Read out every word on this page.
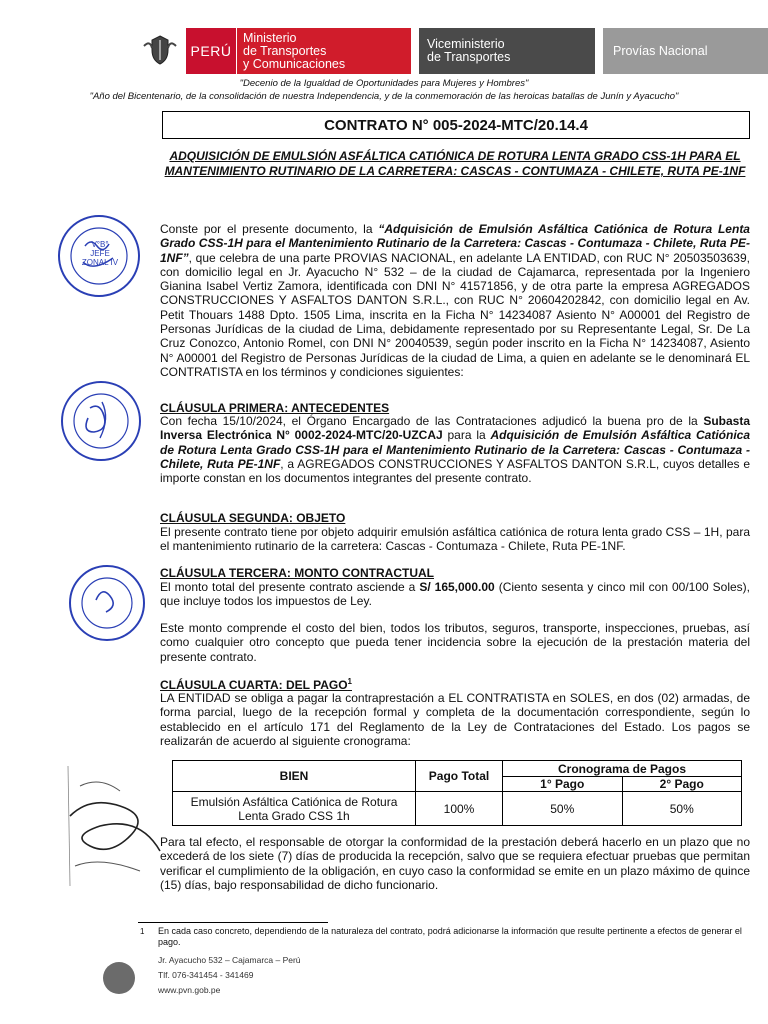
PERÚ
Ministerio
de Transportes
y Comunicaciones
Viceministerio
de Transportes	Provías Nacional
"Decenio de la Igualdad de Oportunidades para Mujeres y Hombres"
"Año del Bicentenario, de la consolidación de nuestra Independencia, y de la conmemoración de las heroicas batallas de Junín y Ayacucho"
CONTRATO N° 005-2024-MTC/20.14.4
ADQUISICIÓN DE EMULSIÓN ASFÁLTICA CATIÓNICA DE ROTURA LENTA GRADO CSS-1H PARA EL MANTENIMIENTO RUTINARIO DE LA CARRETERA: CASCAS - CONTUMAZA - CHILETE, RUTA PE-1NF
V°B°
JEFE
ZONAL IV

Conste por el presente documento, la “Adquisición de Emulsión Asfáltica Catiónica de Rotura Lenta Grado CSS-1H para el Mantenimiento Rutinario de la Carretera: Cascas - Contumaza - Chilete, Ruta PE-1NF”, que celebra de una parte PROVIAS NACIONAL, en adelante LA ENTIDAD, con RUC N° 20503503639, con domicilio legal en Jr. Ayacucho N° 532 – de la ciudad de Cajamarca, representada por la Ingeniero Gianina Isabel Vertiz Zamora, identificada con DNI N° 41571856, y de otra parte la empresa AGREGADOS CONSTRUCCIONES Y ASFALTOS DANTON S.R.L., con RUC N° 20604202842, con domicilio legal en Av. Petit Thouars 1488 Dpto. 1505 Lima, inscrita en la Ficha N° 14234087 Asiento N° A00001 del Registro de Personas Jurídicas de la ciudad de Lima, debidamente representado por su Representante Legal, Sr. De La Cruz Conozco, Antonio Romel, con DNI N° 20040539, según poder inscrito en la Ficha N° 14234087, Asiento N° A00001 del Registro de Personas Jurídicas de la ciudad de Lima, a quien en adelante se le denominará EL CONTRATISTA en los términos y condiciones siguientes:

CLÁUSULA PRIMERA: ANTECEDENTES

Con fecha 15/10/2024, el Órgano Encargado de las Contrataciones adjudicó la buena pro de la Subasta Inversa Electrónica N° 0002-2024-MTC/20-UZCAJ para la Adquisición de Emulsión Asfáltica Catiónica de Rotura Lenta Grado CSS-1H para el Mantenimiento Rutinario de la Carretera: Cascas - Contumaza - Chilete, Ruta PE-1NF, a AGREGADOS CONSTRUCCIONES Y ASFALTOS DANTON S.R.L, cuyos detalles e importe constan en los documentos integrantes del presente contrato.

CLÁUSULA SEGUNDA: OBJETO

El presente contrato tiene por objeto adquirir emulsión asfáltica catiónica de rotura lenta grado CSS – 1H, para el mantenimiento rutinario de la carretera: Cascas - Contumaza - Chilete, Ruta PE-1NF.

CLÁUSULA TERCERA: MONTO CONTRACTUAL

El monto total del presente contrato asciende a S/ 165,000.00 (Ciento sesenta y cinco mil con 00/100 Soles), que incluye todos los impuestos de Ley.

Este monto comprende el costo del bien, todos los tributos, seguros, transporte, inspecciones, pruebas, así como cualquier otro concepto que pueda tener incidencia sobre la ejecución de la prestación materia del presente contrato.

CLÁUSULA CUARTA: DEL PAGO$^1$

LA ENTIDAD se obliga a pagar la contraprestación a EL CONTRATISTA en SOLES, en dos (02) armadas, de forma parcial, luego de la recepción formal y completa de la documentación correspondiente, según lo establecido en el artículo 171 del Reglamento de la Ley de Contrataciones del Estado. Los pagos se realizarán de acuerdo al siguiente cronograma:

BIEN	Pago Total	Cronograma de Pagos	
		1° Pago	2° Pago
Emulsión Asfáltica Catiónica de Rotura Lenta Grado CSS 1h	100%	50%	50%

Para tal efecto, el responsable de otorgar la conformidad de la prestación deberá hacerlo en un plazo que no excederá de los siete (7) días de producida la recepción, salvo que se requiera efectuar pruebas que permitan verificar el cumplimiento de la obligación, en cuyo caso la conformidad se emite en un plazo máximo de quince (15) días, bajo responsabilidad de dicho funcionario.

1 En cada caso concreto, dependiendo de la naturaleza del contrato, podrá adicionarse la información que resulte pertinente a efectos de generar el pago.
Jr. Ayacucho 532 – Cajamarca – Perú
Tlf. 076-341454 - 341469
www.pvn.gob.pe
